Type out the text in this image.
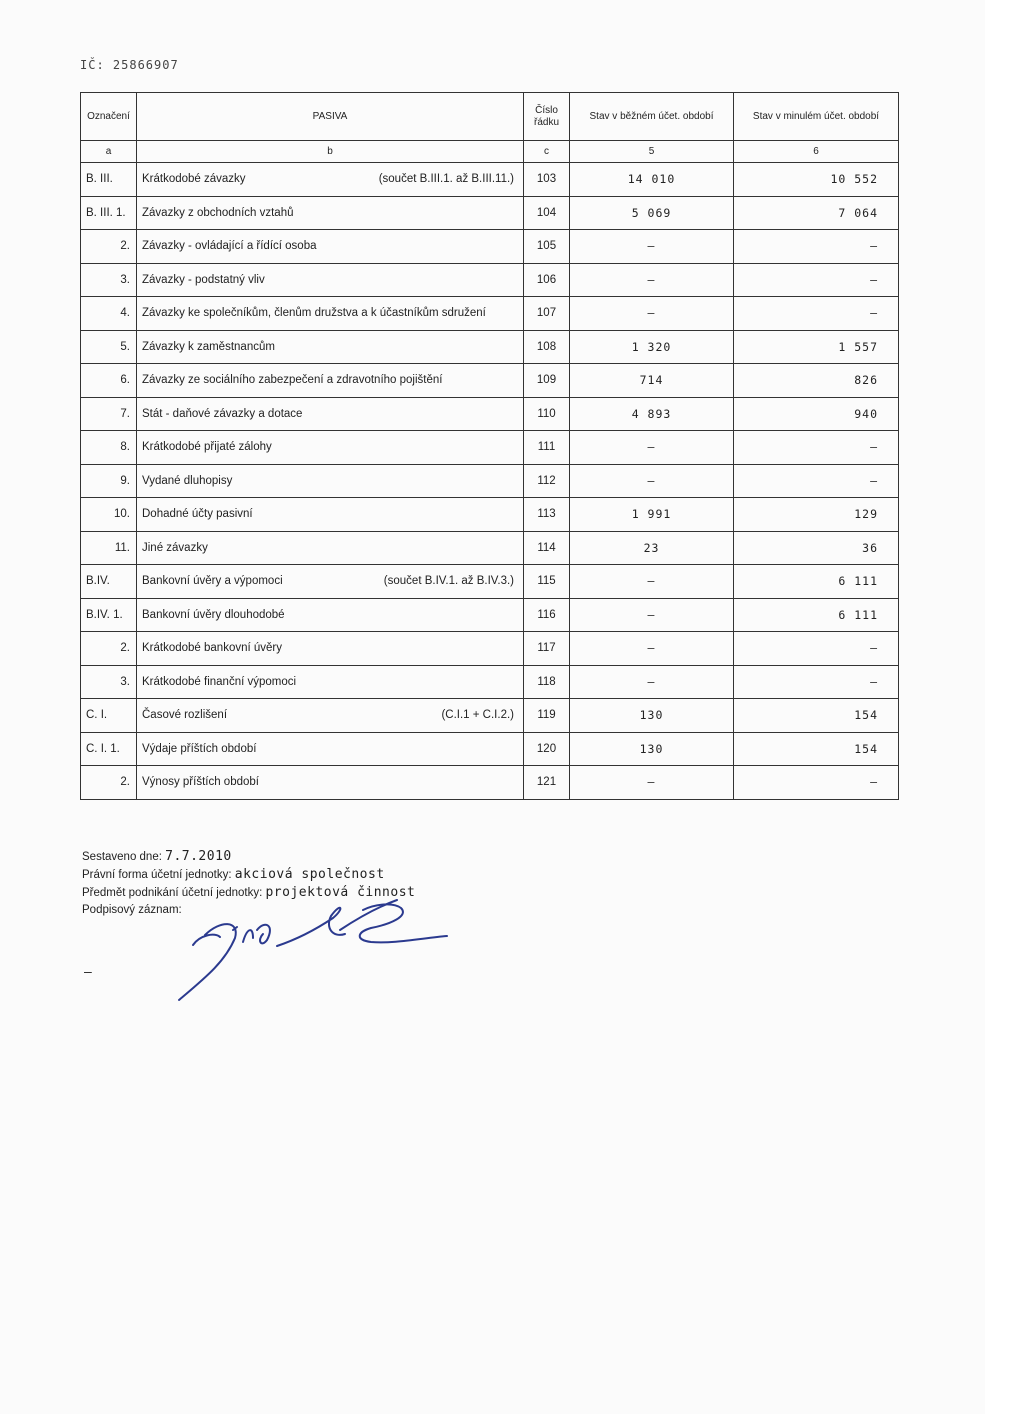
IČ: 25866907
Označení	PASIVA	Číslo řádku	Stav v běžném účet. období	Stav v minulém účet. období
a	b	c	5	6
B. III.	Krátkodobé závazky (součet B.III.1. až B.III.11.)	103	14 010	10 552
B. III. 1.	Závazky z obchodních vztahů	104	5 069	7 064
2.	Závazky - ovládající a řídící osoba	105	–	–
3.	Závazky - podstatný vliv	106	–	–
4.	Závazky ke společníkům, členům družstva a k účastníkům sdružení	107	–	–
5.	Závazky k zaměstnancům	108	1 320	1 557
6.	Závazky ze sociálního zabezpečení a zdravotního pojištění	109	714	826
7.	Stát - daňové závazky a dotace	110	4 893	940
8.	Krátkodobé přijaté zálohy	111	–	–
9.	Vydané dluhopisy	112	–	–
10.	Dohadné účty pasivní	113	1 991	129
11.	Jiné závazky	114	23	36
B.IV.	Bankovní úvěry a výpomoci (součet B.IV.1. až B.IV.3.)	115	–	6 111
B.IV. 1.	Bankovní úvěry dlouhodobé	116	–	6 111
2.	Krátkodobé bankovní úvěry	117	–	–
3.	Krátkodobé finanční výpomoci	118	–	–
C. I.	Časové rozlišení (C.I.1 + C.I.2.)	119	130	154
C. I. 1.	Výdaje příštích období	120	130	154
2.	Výnosy příštích období	121	–	–
Sestaveno dne: 7.7.2010
Právní forma účetní jednotky: akciová společnost
Předmět podnikání účetní jednotky: projektová činnost
Podpisový záznam:
–
